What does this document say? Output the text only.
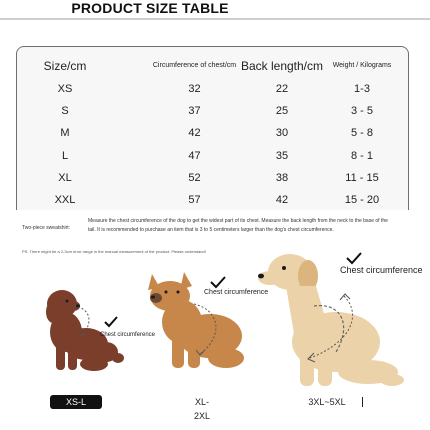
PRODUCT SIZE TABLE
Size/cm	Circumference of chest/cm Back length/cm	Weight / Kilograms
XS	32	22	1-3
S	37	25	3 - 5
M	42	30	5 - 8
L	47	35	8 - 1
XL	52	38	11 - 15
XXL	57	42	15 - 20
Two-piece sweatshirt:
Measure the chest circumference of the dog to get the widest part of its chest. Measure the back length from the neck to the base of the tail. It is recommended to purchase an item that is 3 to 5 centimeters larger than the dog's chest circumference.
PS: There might be a 2-3cm error range in the manual measurement of the product. Please understand!
Chest circumference
Chest circumference
Chest circumference
XS-L	XL-2XL
3XL~5XL
